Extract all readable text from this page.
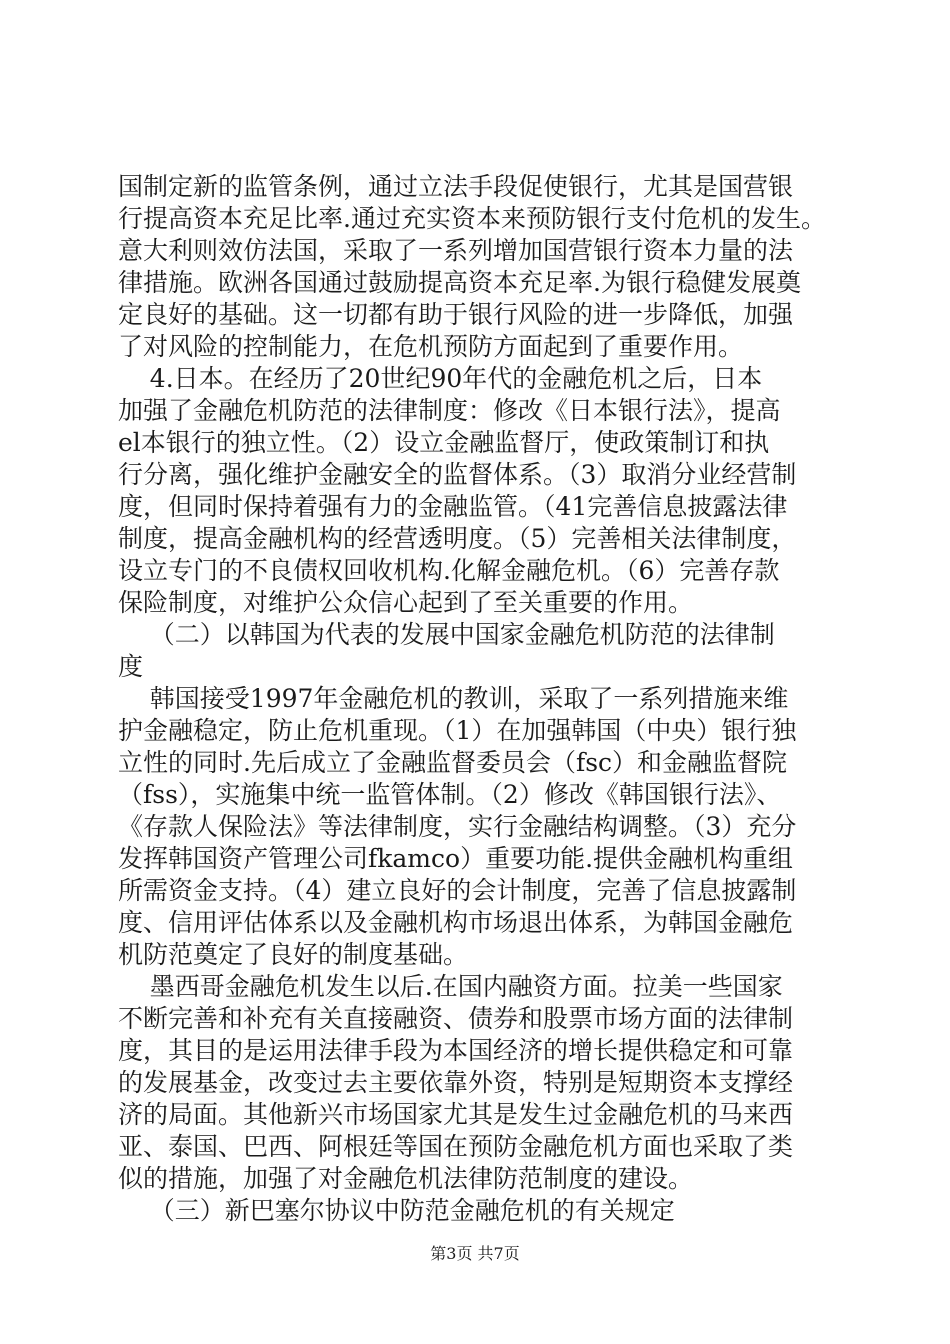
国制定新的监管条例，通过立法手段促使银行，尤其是国营银
行提高资本充足比率.通过充实资本来预防银行支付危机的发生。
意大利则效仿法国，采取了一系列增加国营银行资本力量的法
律措施。欧洲各国通过鼓励提高资本充足率.为银行稳健发展奠
定良好的基础。这一切都有助于银行风险的进一步降低，加强
了对风险的控制能力，在危机预防方面起到了重要作用。
4.日本。在经历了20世纪90年代的金融危机之后，日本
加强了金融危机防范的法律制度：修改《日本银行法》，提高
el本银行的独立性。（2）设立金融监督厅，使政策制订和执
行分离，强化维护金融安全的监督体系。（3）取消分业经营制
度，但同时保持着强有力的金融监管。（41完善信息披露法律
制度，提高金融机构的经营透明度。（5）完善相关法律制度，
设立专门的不良债权回收机构.化解金融危机。（6）完善存款
保险制度，对维护公众信心起到了至关重要的作用。
（二）以韩国为代表的发展中国家金融危机防范的法律制
度
韩国接受1997年金融危机的教训，采取了一系列措施来维
护金融稳定，防止危机重现。（1）在加强韩国（中央）银行独
立性的同时.先后成立了金融监督委员会（fsc）和金融监督院
（fss），实施集中统一监管体制。（2）修改《韩国银行法》、
《存款人保险法》等法律制度，实行金融结构调整。（3）充分
发挥韩国资产管理公司fkamco）重要功能.提供金融机构重组
所需资金支持。（4）建立良好的会计制度，完善了信息披露制
度、信用评估体系以及金融机构市场退出体系，为韩国金融危
机防范奠定了良好的制度基础。
墨西哥金融危机发生以后.在国内融资方面。拉美一些国家
不断完善和补充有关直接融资、债券和股票市场方面的法律制
度，其目的是运用法律手段为本国经济的增长提供稳定和可靠
的发展基金，改变过去主要依靠外资，特别是短期资本支撑经
济的局面。其他新兴市场国家尤其是发生过金融危机的马来西
亚、泰国、巴西、阿根廷等国在预防金融危机方面也采取了类
似的措施，加强了对金融危机法律防范制度的建设。
（三）新巴塞尔协议中防范金融危机的有关规定
第3页 共7页
